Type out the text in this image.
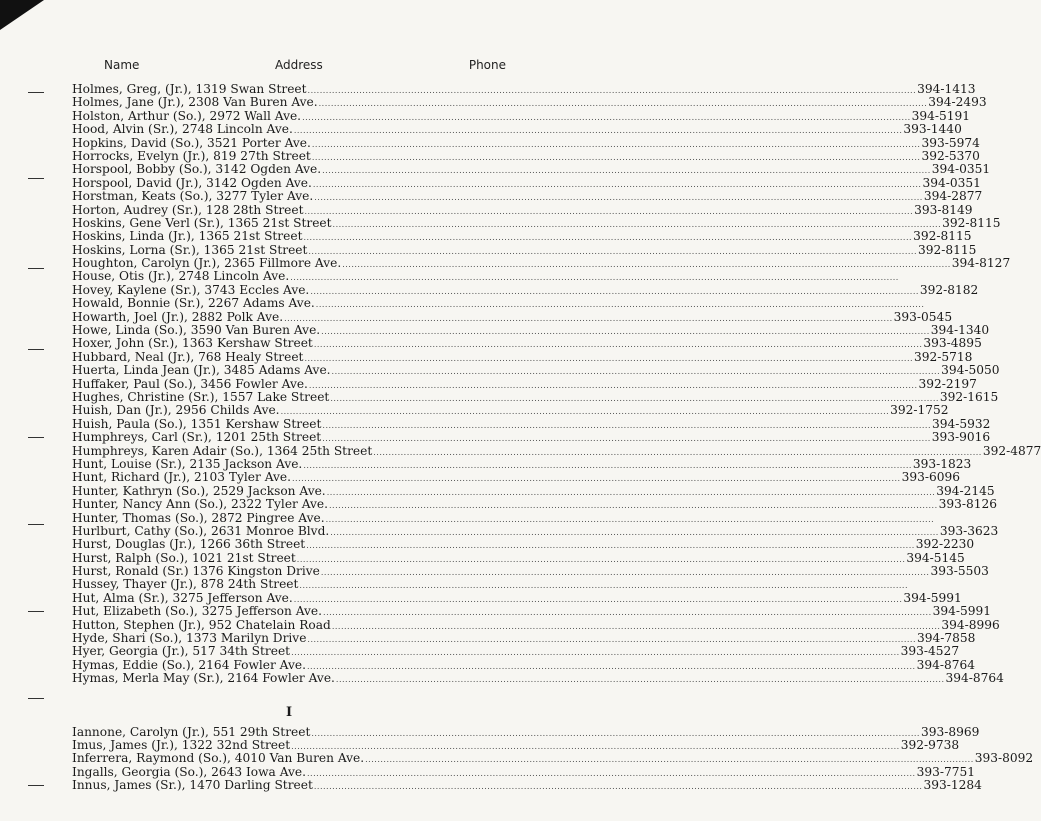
Name	Address	Phone
Holmes, Greg, (Jr.), 1319 Swan Street ........................................................................................................................................................................................................ 394-1413
Holmes, Jane (Jr.), 2308 Van Buren Ave. ........................................................................................................................................................................................................ 394-2493
Holston, Arthur (So.), 2972 Wall Ave. ........................................................................................................................................................................................................ 394-5191
Hood, Alvin (Sr.), 2748 Lincoln Ave. ........................................................................................................................................................................................................ 393-1440
Hopkins, David (So.), 3521 Porter Ave. ........................................................................................................................................................................................................ 393-5974
Horrocks, Evelyn (Jr.), 819 27th Street ........................................................................................................................................................................................................ 392-5370
Horspool, Bobby (So.), 3142 Ogden Ave. ........................................................................................................................................................................................................ 394-0351
Horspool, David (Jr.), 3142 Ogden Ave. ........................................................................................................................................................................................................ 394-0351
Horstman, Keats (So.), 3277 Tyler Ave. ........................................................................................................................................................................................................ 394-2877
Horton, Audrey (Sr.), 128 28th Street ........................................................................................................................................................................................................ 393-8149
Hoskins, Gene Verl (Sr.), 1365 21st Street ........................................................................................................................................................................................................ 392-8115
Hoskins, Linda (Jr.), 1365 21st Street ........................................................................................................................................................................................................ 392-8115
Hoskins, Lorna (Sr.), 1365 21st Street ........................................................................................................................................................................................................ 392-8115
Houghton, Carolyn (Jr.), 2365 Fillmore Ave. ........................................................................................................................................................................................................ 394-8127
House, Otis (Jr.), 2748 Lincoln Ave. ........................................................................................................................................................................................................
Hovey, Kaylene (Sr.), 3743 Eccles Ave. ........................................................................................................................................................................................................ 392-8182
Howald, Bonnie (Sr.), 2267 Adams Ave. ........................................................................................................................................................................................................
Howarth, Joel (Jr.), 2882 Polk Ave. ........................................................................................................................................................................................................ 393-0545
Howe, Linda (So.), 3590 Van Buren Ave. ........................................................................................................................................................................................................ 394-1340
Hoxer, John (Sr.), 1363 Kershaw Street ........................................................................................................................................................................................................ 393-4895
Hubbard, Neal (Jr.), 768 Healy Street ........................................................................................................................................................................................................ 392-5718
Huerta, Linda Jean (Jr.), 3485 Adams Ave. ........................................................................................................................................................................................................ 394-5050
Huffaker, Paul (So.), 3456 Fowler Ave. ........................................................................................................................................................................................................ 392-2197
Hughes, Christine (Sr.), 1557 Lake Street ........................................................................................................................................................................................................ 392-1615
Huish, Dan (Jr.), 2956 Childs Ave. ........................................................................................................................................................................................................ 392-1752
Huish, Paula (So.), 1351 Kershaw Street ........................................................................................................................................................................................................ 394-5932
Humphreys, Carl (Sr.), 1201 25th Street ........................................................................................................................................................................................................ 393-9016
Humphreys, Karen Adair (So.), 1364 25th Street ........................................................................................................................................................................................................ 392-4877
Hunt, Louise (Sr.), 2135 Jackson Ave. ........................................................................................................................................................................................................ 393-1823
Hunt, Richard (Jr.), 2103 Tyler Ave. ........................................................................................................................................................................................................ 393-6096
Hunter, Kathryn (So.), 2529 Jackson Ave. ........................................................................................................................................................................................................ 394-2145
Hunter, Nancy Ann (So.), 2322 Tyler Ave. ........................................................................................................................................................................................................ 393-8126
Hunter, Thomas (So.), 2872 Pingree Ave. ........................................................................................................................................................................................................
Hurlburt, Cathy (So.), 2631 Monroe Blvd. ........................................................................................................................................................................................................ 393-3623
Hurst, Douglas (Jr.), 1266 36th Street ........................................................................................................................................................................................................ 392-2230
Hurst, Ralph (So.), 1021 21st Street ........................................................................................................................................................................................................ 394-5145
Hurst, Ronald (Sr.) 1376 Kingston Drive ........................................................................................................................................................................................................ 393-5503
Hussey, Thayer (Jr.), 878 24th Street ........................................................................................................................................................................................................
Hut, Alma (Sr.), 3275 Jefferson Ave. ........................................................................................................................................................................................................ 394-5991
Hut, Elizabeth (So.), 3275 Jefferson Ave. ........................................................................................................................................................................................................ 394-5991
Hutton, Stephen (Jr.), 952 Chatelain Road ........................................................................................................................................................................................................ 394-8996
Hyde, Shari (So.), 1373 Marilyn Drive ........................................................................................................................................................................................................ 394-7858
Hyer, Georgia (Jr.), 517 34th Street ........................................................................................................................................................................................................ 393-4527
Hymas, Eddie (So.), 2164 Fowler Ave. ........................................................................................................................................................................................................ 394-8764
Hymas, Merla May (Sr.), 2164 Fowler Ave. ........................................................................................................................................................................................................ 394-8764
I
Iannone, Carolyn (Jr.), 551 29th Street ........................................................................................................................................................................................................ 393-8969
Imus, James (Jr.), 1322 32nd Street ........................................................................................................................................................................................................ 392-9738
Inferrera, Raymond (So.), 4010 Van Buren Ave. ........................................................................................................................................................................................................ 393-8092
Ingalls, Georgia (So.), 2643 Iowa Ave. ........................................................................................................................................................................................................ 393-7751
Innus, James (Sr.), 1470 Darling Street ........................................................................................................................................................................................................ 393-1284
